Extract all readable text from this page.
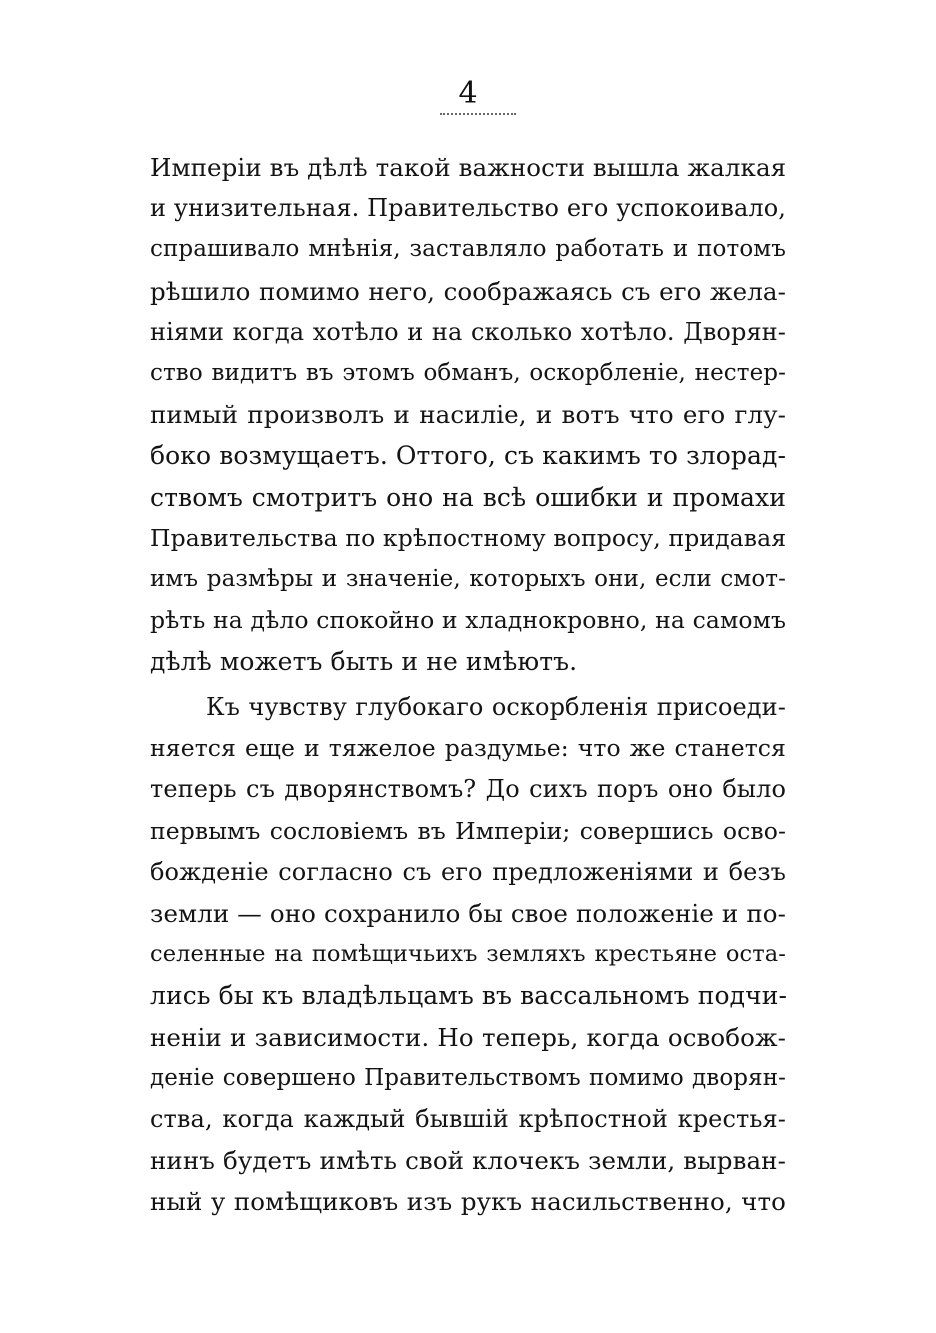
4
Имперіи въ дѣлѣ такой важности вышла жалкая
и унизительная. Правительство его успокоивало,
спрашивало мнѣнія, заставляло работать и потомъ
рѣшило помимо него, соображаясь съ его жела-
ніями когда хотѣло и на сколько хотѣло. Дворян-
ство видитъ въ этомъ обманъ, оскорбленіе, нестер-
пимый произволъ и насиліе, и вотъ что его глу-
боко возмущаетъ. Оттого, съ какимъ то злорад-
ствомъ смотритъ оно на всѣ ошибки и промахи
Правительства по крѣпостному вопросу, придавая
имъ размѣры и значеніе, которыхъ они, если смот-
рѣть на дѣло спокойно и хладнокровно, на самомъ
дѣлѣ можетъ быть и не имѣютъ.
Къ чувству глубокаго оскорбленія присоеди-
няется еще и тяжелое раздумье: что же станется
теперь съ дворянствомъ? До сихъ поръ оно было
первымъ сословіемъ въ Имперіи; совершись осво-
божденіе согласно съ его предложеніями и безъ
земли — оно сохранило бы свое положеніе и по-
селенные на помѣщичьихъ земляхъ крестьяне оста-
лись бы къ владѣльцамъ въ вассальномъ подчи-
неніи и зависимости. Но теперь, когда освобож-
деніе совершено Правительствомъ помимо дворян-
ства, когда каждый бывшій крѣпостной крестья-
нинъ будетъ имѣть свой клочекъ земли, вырван-
ный у помѣщиковъ изъ рукъ насильственно, что
